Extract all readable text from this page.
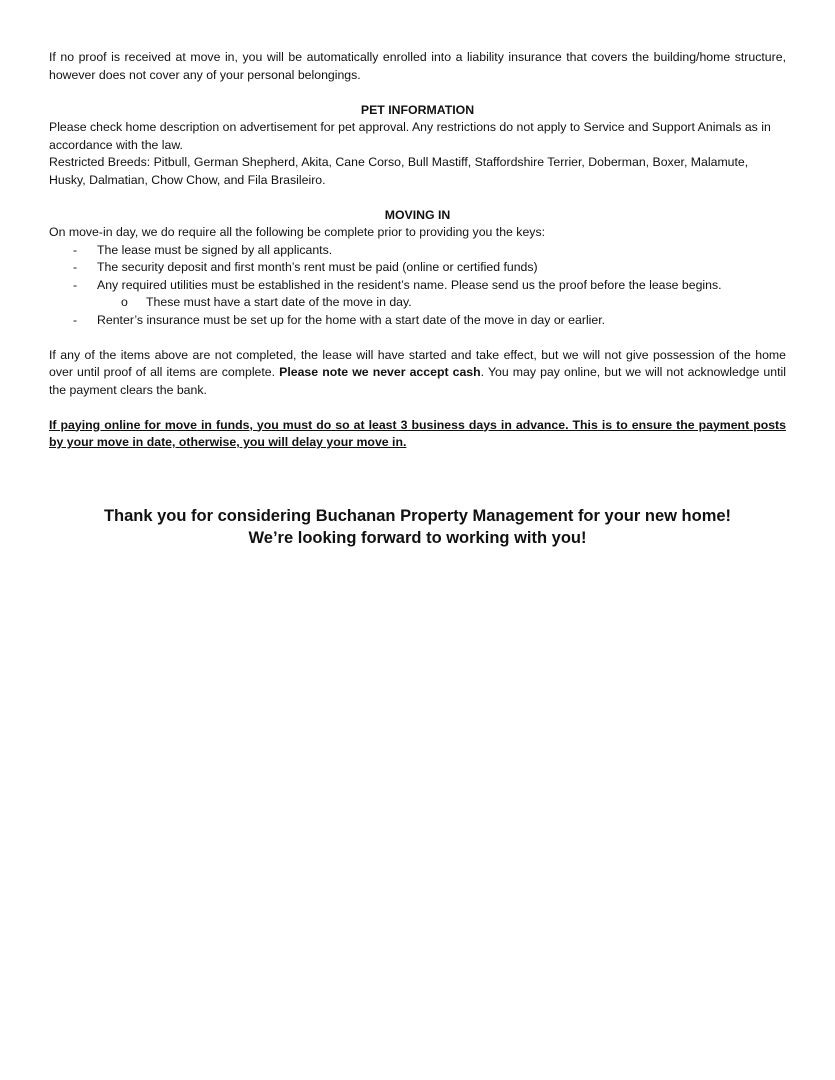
If no proof is received at move in, you will be automatically enrolled into a liability insurance that covers the building/home structure, however does not cover any of your personal belongings.

PET INFORMATION

Please check home description on advertisement for pet approval. Any restrictions do not apply to Service and Support Animals as in accordance with the law.

Restricted Breeds: Pitbull, German Shepherd, Akita, Cane Corso, Bull Mastiff, Staffordshire Terrier, Doberman, Boxer, Malamute, Husky, Dalmatian, Chow Chow, and Fila Brasileiro.

MOVING IN

On move-in day, we do require all the following be complete prior to providing you the keys:

- The lease must be signed by all applicants.
- The security deposit and first month’s rent must be paid (online or certified funds)
- Any required utilities must be established in the resident’s name. Please send us the proof before the lease begins.
o These must have a start date of the move in day.
- Renter’s insurance must be set up for the home with a start date of the move in day or earlier.

If any of the items above are not completed, the lease will have started and take effect, but we will not give possession of the home over until proof of all items are complete. Please note we never accept cash. You may pay online, but we will not acknowledge until the payment clears the bank.

If paying online for move in funds, you must do so at least 3 business days in advance. This is to ensure the payment posts by your move in date, otherwise, you will delay your move in.

Thank you for considering Buchanan Property Management for your new home!
We’re looking forward to working with you!
